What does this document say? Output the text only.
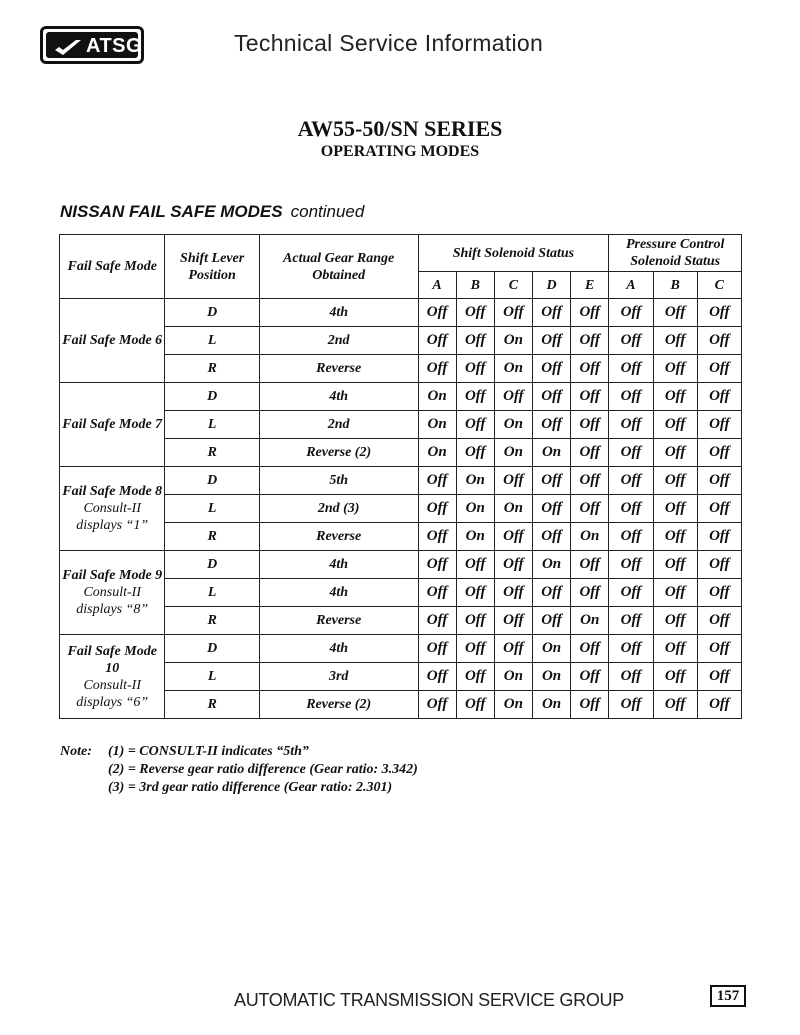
ATSG	Technical Service Information
AW55-50/SN SERIES
OPERATING MODES
NISSAN FAIL SAFE MODES continued
Fail Safe Mode	Shift Lever Position	Actual Gear Range Obtained	Shift Solenoid Status					Pressure Control Solenoid Status		
			A	B	C	D	E	A	B	C
Fail Safe Mode 6	D	4th	Off	Off	Off	Off	Off	Off	Off	Off
	L	2nd	Off	Off	On	Off	Off	Off	Off	Off
	R	Reverse	Off	Off	On	Off	Off	Off	Off	Off
Fail Safe Mode 7	D	4th	On	Off	Off	Off	Off	Off	Off	Off
	L	2nd	On	Off	On	Off	Off	Off	Off	Off
	R	Reverse (2)	On	Off	On	On	Off	Off	Off	Off
Fail Safe Mode 8
Consult-II displays “1”	D	5th	Off	On	Off	Off	Off	Off	Off	Off
	L	2nd (3)	Off	On	On	Off	Off	Off	Off	Off
	R	Reverse	Off	On	Off	Off	On	Off	Off	Off
Fail Safe Mode 9
Consult-II displays “8”	D	4th	Off	Off	Off	On	Off	Off	Off	Off
	L	4th	Off	Off	Off	Off	Off	Off	Off	Off
	R	Reverse	Off	Off	Off	Off	On	Off	Off	Off
Fail Safe Mode 10
Consult-II displays “6”	D	4th	Off	Off	Off	On	Off	Off	Off	Off
	L	3rd	Off	Off	On	On	Off	Off	Off	Off
	R	Reverse (2)	Off	Off	On	On	Off	Off	Off	Off
Note: (1) = CONSULT-II indicates “5th”
(2) = Reverse gear ratio difference (Gear ratio: 3.342)
(3) = 3rd gear ratio difference (Gear ratio: 2.301)
AUTOMATIC TRANSMISSION SERVICE GROUP	157
